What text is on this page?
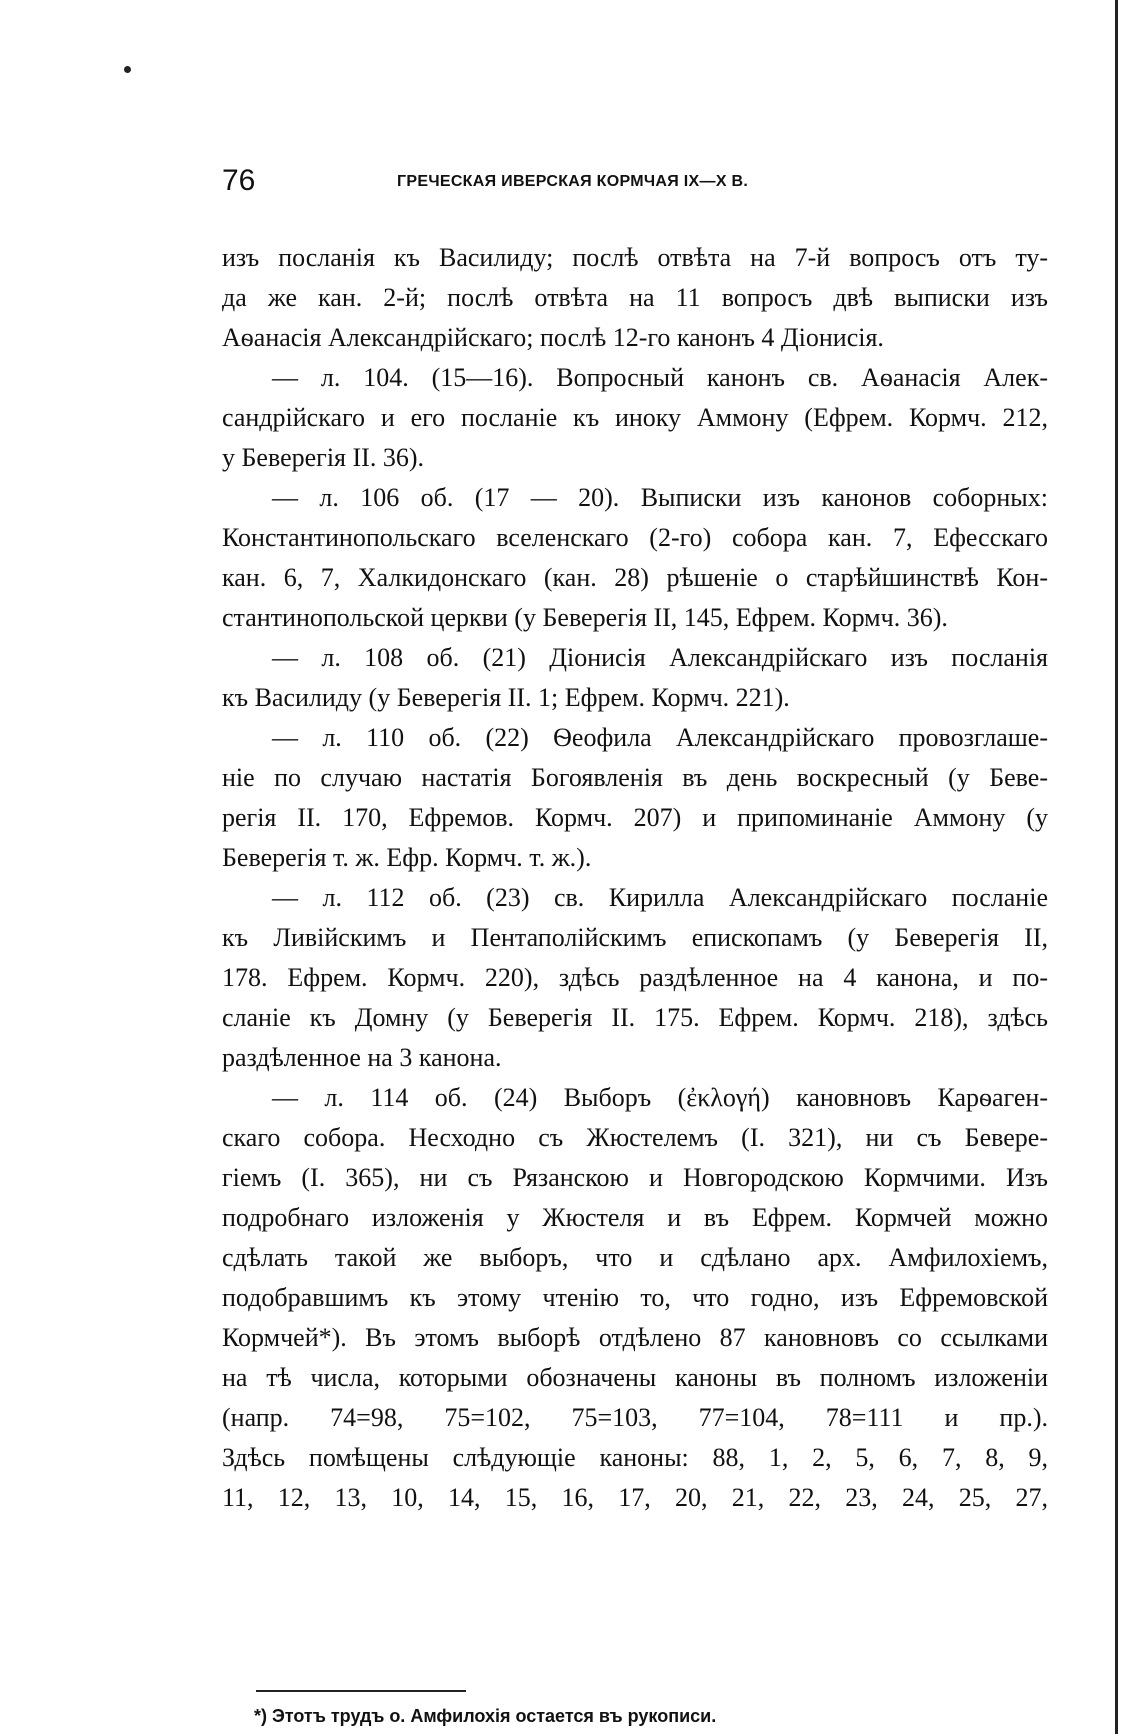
76	ГРЕЧЕСКАЯ ИВЕРСКАЯ КОРМЧАЯ IX—X В.
изъ посланія къ Василиду; послѣ отвѣта на 7-й вопросъ отъ ту-
да же кан. 2-й; послѣ отвѣта на 11 вопросъ двѣ выписки изъ
Аѳанасія Александрійскаго; послѣ 12-го канонъ 4 Діонисія.
— л. 104. (15—16). Вопросный канонъ св. Аѳанасія Алек-
сандрійскаго и его посланіе къ иноку Аммону (Ефрем. Кормч. 212,
у Беверегія II. 36).
— л. 106 об. (17 — 20). Выписки изъ канонов соборных:
Константинопольскаго вселенскаго (2-го) собора кан. 7, Ефесскаго
кан. 6, 7, Халкидонскаго (кан. 28) рѣшеніе о старѣйшинствѣ Кон-
стантинопольской церкви (у Беверегія II, 145, Ефрем. Кормч. 36).
— л. 108 об. (21) Діонисія Александрійскаго изъ посланія
къ Василиду (у Беверегія II. 1; Ефрем. Кормч. 221).
— л. 110 об. (22) Ѳеофила Александрійскаго провозглаше-
ніе по случаю настатія Богоявленія въ день воскресный (у Беве-
регія II. 170, Ефремов. Кормч. 207) и припоминаніе Аммону (у
Беверегія т. ж. Ефр. Кормч. т. ж.).
— л. 112 об. (23) св. Кирилла Александрійскаго посланіе
къ Ливійскимъ и Пентаполійскимъ епископамъ (у Беверегія II,
178. Ефрем. Кормч. 220), здѣсь раздѣленное на 4 канона, и по-
сланіе къ Домну (у Беверегія II. 175. Ефрем. Кормч. 218), здѣсь
раздѣленное на 3 канона.
— л. 114 об. (24) Выборъ (ἐκλογή) кановновъ Карѳаген-
скаго собора. Несходно съ Жюстелемъ (I. 321), ни съ Бевере-
гіемъ (I. 365), ни съ Рязанскою и Новгородскою Кормчими. Изъ
подробнаго изложенія у Жюстеля и въ Ефрем. Кормчей можно
сдѣлать такой же выборъ, что и сдѣлано арх. Амфилохіемъ,
подобравшимъ къ этому чтенію то, что годно, изъ Ефремовской
Кормчей*). Въ этомъ выборѣ отдѣлено 87 кановновъ со ссылками
на тѣ числа, которыми обозначены каноны въ полномъ изложеніи
(напр. 74=98, 75=102, 75=103, 77=104, 78=111 и пр.).
Здѣсь помѣщены слѣдующіе каноны: 88, 1, 2, 5, 6, 7, 8, 9,
11, 12, 13, 10, 14, 15, 16, 17, 20, 21, 22, 23, 24, 25, 27,
*) Этотъ трудъ о. Амфилохія остается въ рукописи.
